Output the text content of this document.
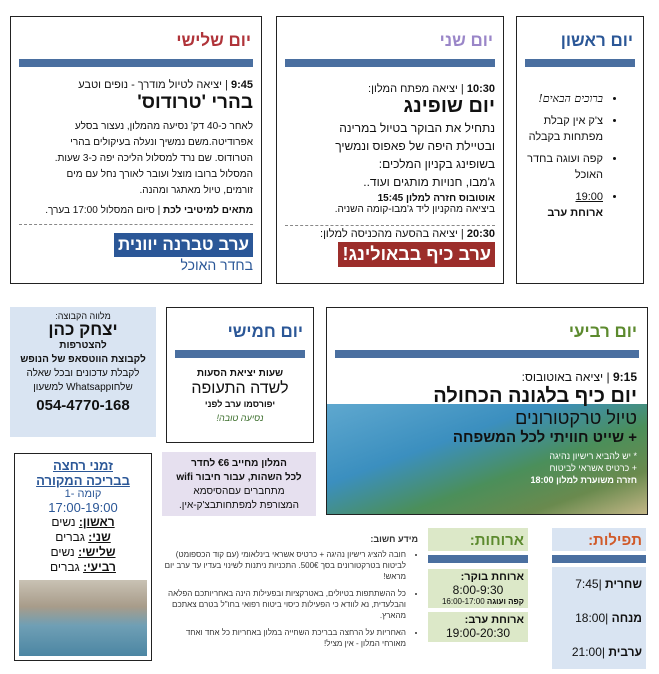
יום ראשון
• ברוכים הבאים!
• צ'ק אין קבלת מפתחות בקבלה
• קפה ועוגה בחדר האוכל
• 19:00
ארוחת ערב
יום שני
10:30 | יציאה מפתח המלון:
יום שופינג
נתחיל את הבוקר בטיול במרינה
ובטיילת היפה של פאפוס ונמשיך
בשופינג בקניון המלכים:
ג'מבו, חנויות מותגים ועוד..
אוטובוס חזרה למלון 15:45
ביציאה מהקניון ליד ג'מבו-קומה השניה.
20:30 | יציאה בהסעה מהכניסה למלון:
ערב כיף בבאולינג!
יום שלישי
9:45 | יציאה לטיול מודרך - נופים וטבע
בהרי 'טרודוס'
לאחר כ-40 דק' נסיעה מהמלון, נעצור בסלע
אפרודיטה.משם נמשיך ונעלה בעיקולים בהרי
הטרודוס. שם נרד למסלול הליכה יפה כ-3 שעות.
המסלול ברובו מוצל ועובר לאורך נחל עם מים
זורמים, טיול מאתגר ומהנה.
מתאים למיטיבי לכת | סיום המסלול 17:00 בערך.
ערב טברנה יוונית
בחדר האוכל
יום רביעי
9:15 | יציאה באוטובוס:
יום כיף בלגונה הכחולה
טיול טרקטורונים
+ שייט חוויתי לכל המשפחה
* יש להביא רישיון נהיגה
+ כרטיס אשראי לביטוח
חזרה משוערת למלון 18:00
יום חמישי
שעות יציאת הסעות
לשדה התעופה
יפורסמו ערב לפני
נסיעה טובה!
מלווה הקבוצה:
יצחק כהן
להצטרפות
לקבוצת הווטסאפ של הנופש
לקבלת עדכונים ובכל שאלה
שלחוWhatsapp למשעון
054-4770-168
המלון מחייב €6 לחדר
לכל השהות, עבור חיבור wifi
מתחברים עםהסיסמא
המצורפת למפתחותבצ'ק-אין.
זמני רחצה
בבריכה המקורה
קומה -1
17:00-19:00
ראשון: נשים
שני: גברים
שלישי: נשים
רביעי: גברים
מידע חשוב:
• חובה להציג רישיון נהיגה + כרטיס אשראי בינלאומי (עם קוד הכספומט) לביטוח בטרקטורונים בסך 500€. התכניות ניתנות לשינוי בעדיו עד ערב יום מראש!
• כל ההשתתפות בטיולים, באטרקציות ובפעילות הינה באחריותכם הפלאה והבלעדית, נא לוודא כי הפעילות כיסוי ביטוח רפואי בחו"ל בטרם צאתכם מהארץ.
• האחריות על הרחצה בבריכת השחייה במלון באחריות כל אחד ואחד מאורחי המלון - אין מציל!
ארוחות:
ארוחת בוקר:
8:00-9:30
קפה ועוגה 16:00-17:00
ארוחת ערב:
19:00-20:30
תפילות:
שחרית |7:45
מנחה |18:00
ערבית |21:00
